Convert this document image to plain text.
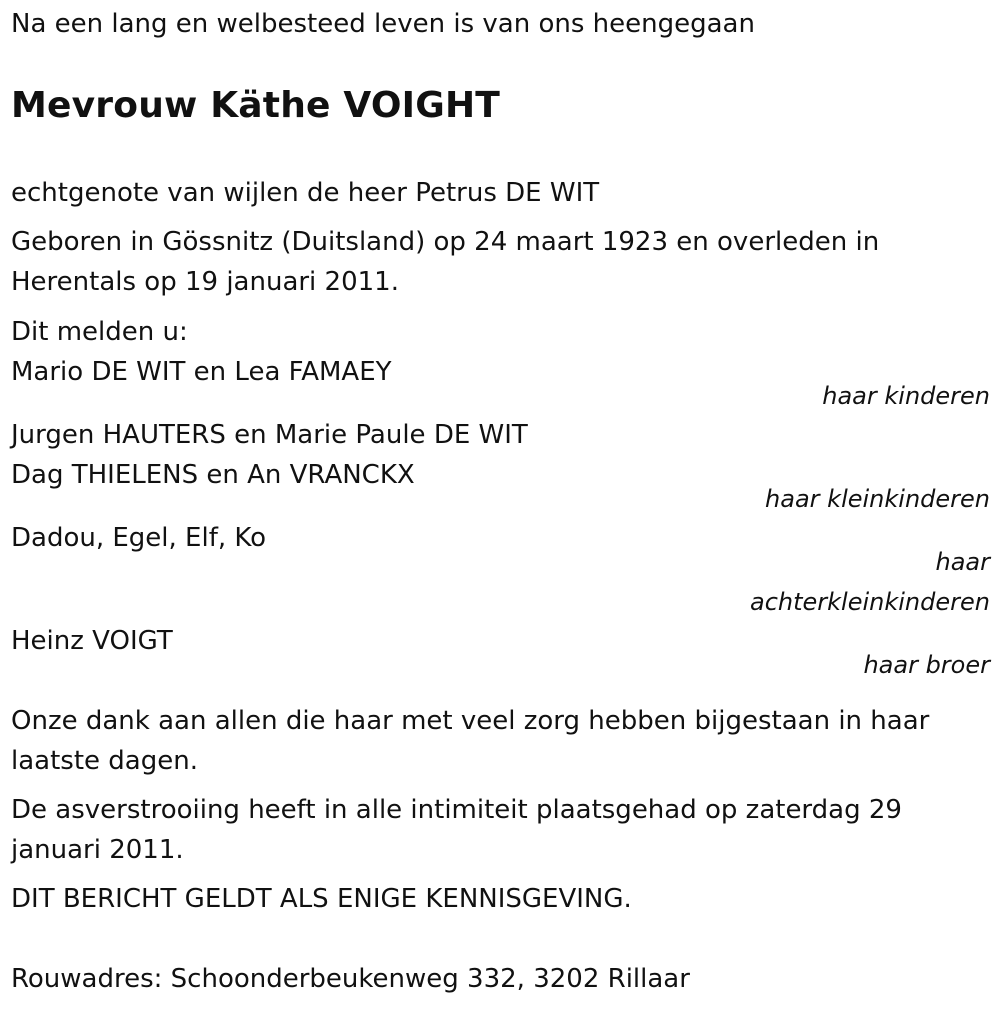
Na een lang en welbesteed leven is van ons heengegaan
Mevrouw Käthe VOIGHT
echtgenote van wijlen de heer Petrus DE WIT
Geboren in Gössnitz (Duitsland) op 24 maart 1923 en overleden in
Herentals op 19 januari 2011.
Dit melden u:
Mario DE WIT en Lea FAMAEY
haar kinderen
Jurgen HAUTERS en Marie Paule DE WIT
Dag THIELENS en An VRANCKX
haar kleinkinderen
Dadou, Egel, Elf, Ko
haar
achterkleinkinderen
Heinz VOIGT
haar broer
Onze dank aan allen die haar met veel zorg hebben bijgestaan in haar
laatste dagen.
De asverstrooiing heeft in alle intimiteit plaatsgehad op zaterdag 29
januari 2011.
DIT BERICHT GELDT ALS ENIGE KENNISGEVING.
Rouwadres: Schoonderbeukenweg 332, 3202 Rillaar
